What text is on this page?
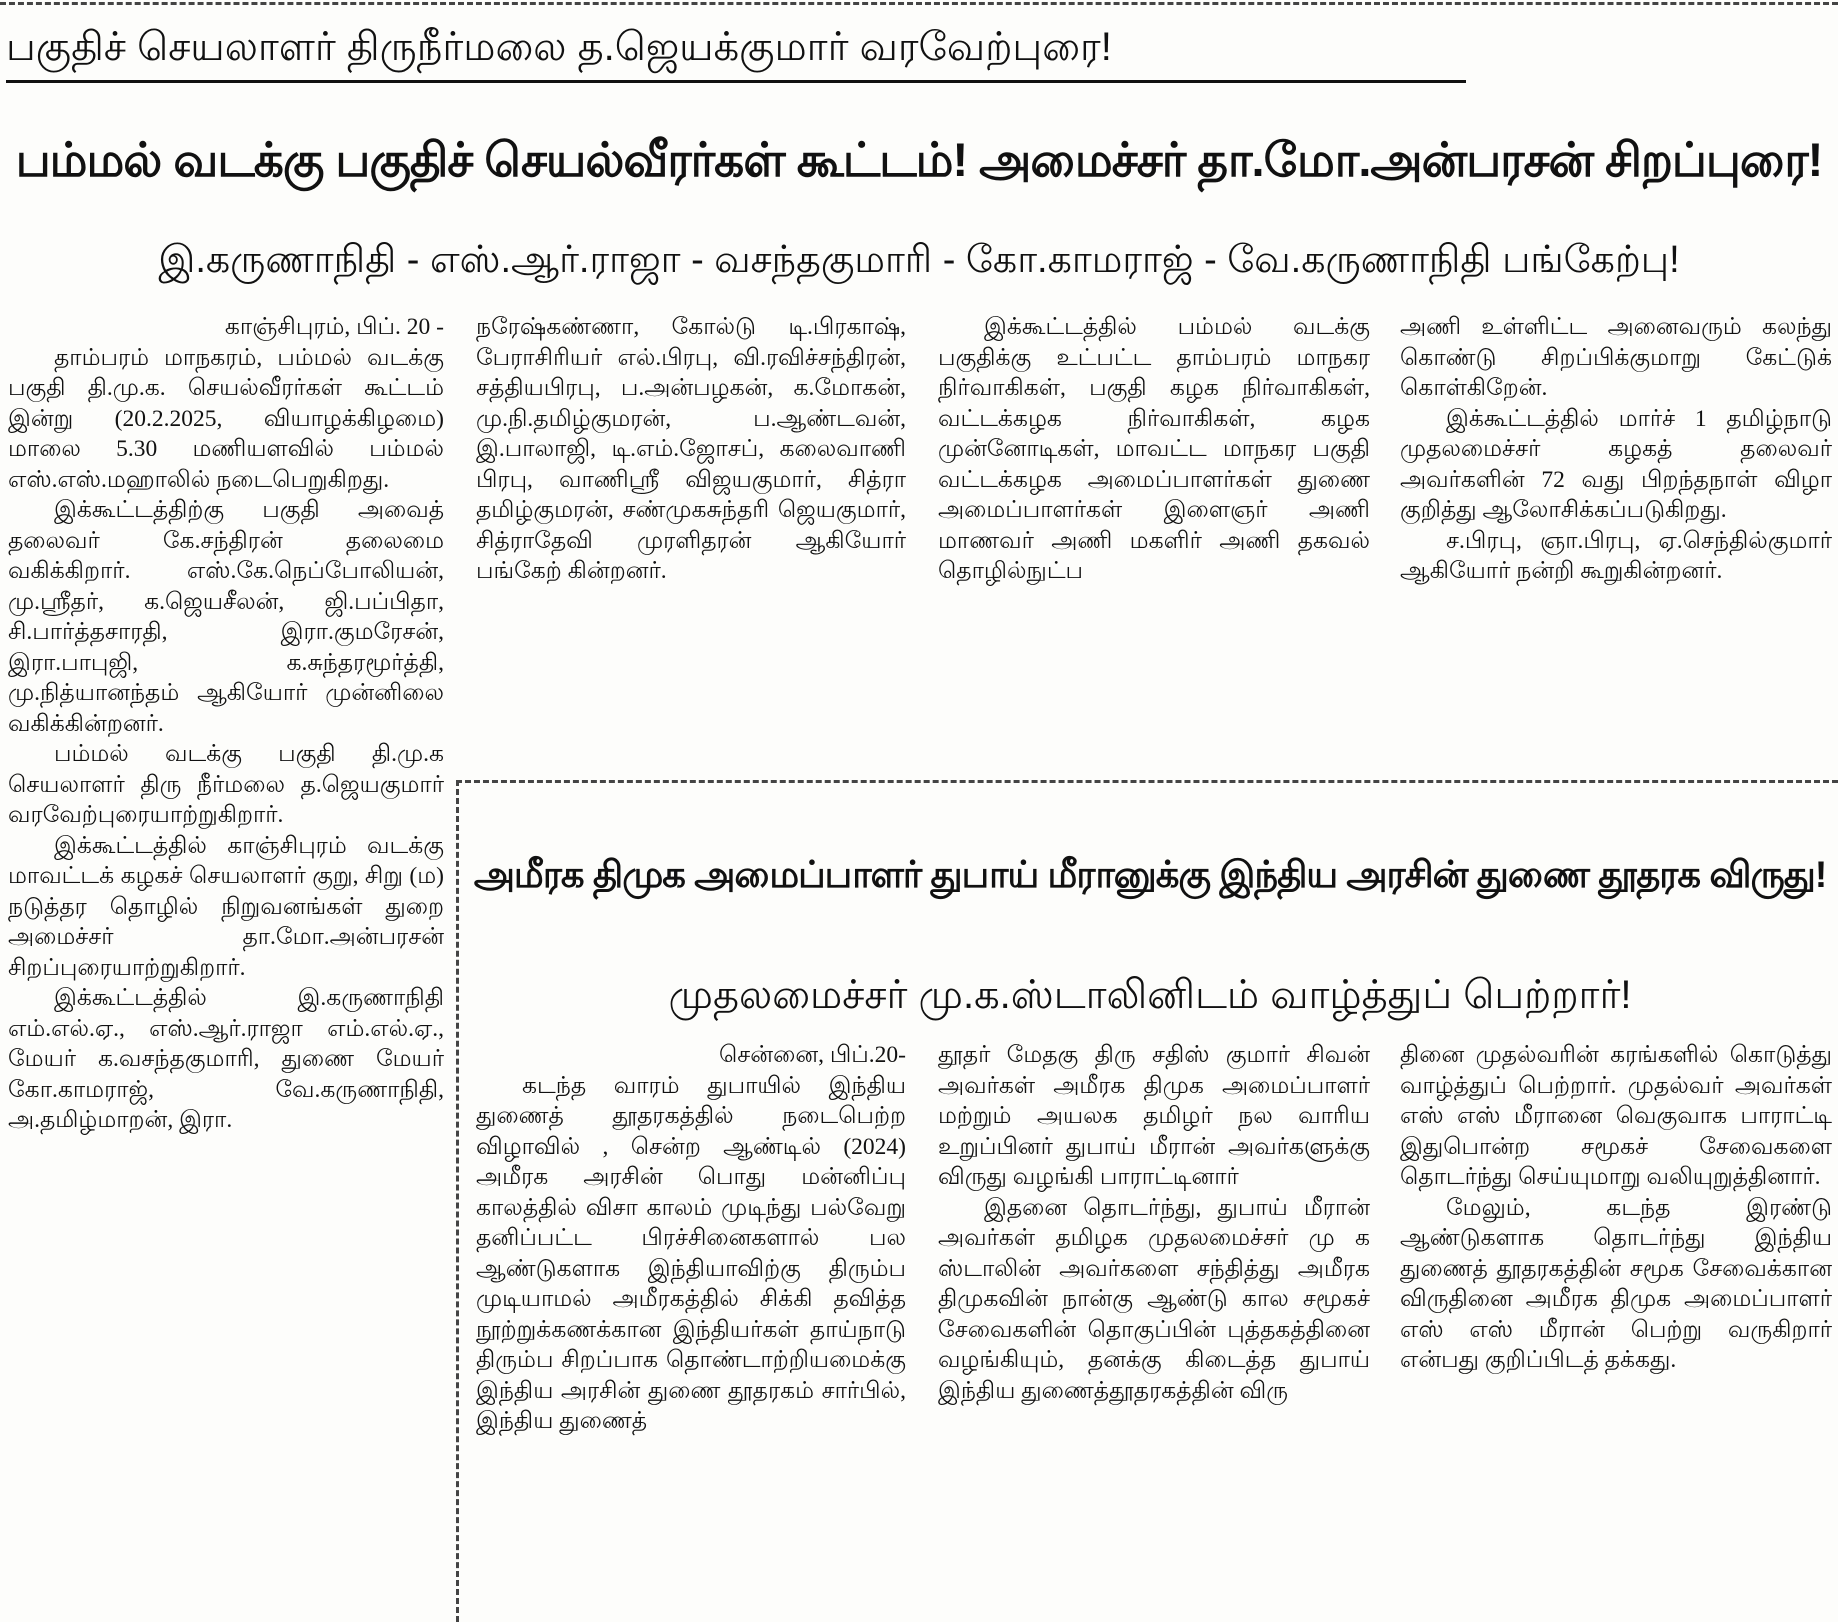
பகுதிச் செயலாளர் திருநீர்மலை த.ஜெயக்குமார் வரவேற்புரை!
பம்மல் வடக்கு பகுதிச் செயல்வீரர்கள் கூட்டம்! அமைச்சர் தா.மோ.அன்பரசன் சிறப்புரை!
இ.கருணாநிதி - எஸ்.ஆர்.ராஜா - வசந்தகுமாரி - கோ.காமராஜ் - வே.கருணாநிதி பங்கேற்பு!

காஞ்சிபுரம், பிப். 20 -

தாம்பரம் மாநகரம், பம்மல் வடக்கு பகுதி தி.மு.க. செயல்வீரர்கள் கூட்டம் இன்று (20.2.2025, வியாழக்கிழமை) மாலை 5.30 மணியளவில் பம்மல் எஸ்.எஸ்.மஹாலில் நடைபெறுகிறது.

இக்கூட்டத்திற்கு பகுதி அவைத் தலைவர் கே.சந்திரன் தலைமை வகிக்கிறார். எஸ்.கே.நெப்போலியன், மு.ஸ்ரீதர், க.ஜெயசீலன், ஜி.பப்பிதா, சி.பார்த்தசாரதி, இரா.குமரேசன், இரா.பாபுஜி, க.சுந்தரமூர்த்தி, மு.நித்யானந்தம் ஆகியோர் முன்னிலை வகிக்கின்றனர்.

பம்மல் வடக்கு பகுதி தி.மு.க செயலாளர் திரு நீர்மலை த.ஜெயகுமார் வரவேற்புரையாற்றுகிறார்.

இக்கூட்டத்தில் காஞ்சிபுரம் வடக்கு மாவட்டக் கழகச் செயலாளர் குறு, சிறு (ம) நடுத்தர தொழில் நிறுவனங்கள் துறை அமைச்சர் தா.மோ.அன்பரசன் சிறப்புரையாற்றுகிறார்.

இக்கூட்டத்தில் இ.கருணாநிதி எம்.எல்.ஏ., எஸ்.ஆர்.ராஜா எம்.எல்.ஏ., மேயர் க.வசந்தகுமாரி, துணை மேயர் கோ.காமராஜ், வே.கருணாநிதி, அ.தமிழ்மாறன், இரா.

நரேஷ்கண்ணா, கோல்டு டி.பிரகாஷ், பேராசிரியர் எல்.பிரபு, வி.ரவிச்சந்திரன், சத்தியபிரபு, ப.அன்பழகன், க.மோகன், மு.நி.தமிழ்குமரன், ப.ஆண்டவன், இ.பாலாஜி, டி.எம்.ஜோசப், கலைவாணி பிரபு, வாணிஸ்ரீ விஜயகுமார், சித்ரா தமிழ்குமரன், சண்முகசுந்தரி ஜெயகுமார், சித்ராதேவி முரளிதரன் ஆகியோர் பங்கேற் கின்றனர்.

இக்கூட்டத்தில் பம்மல் வடக்கு பகுதிக்கு உட்பட்ட தாம்பரம் மாநகர நிர்வாகிகள், பகுதி கழக நிர்வாகிகள், வட்டக்கழக நிர்வாகிகள், கழக முன்னோடிகள், மாவட்ட மாநகர பகுதி வட்டக்கழக அமைப்பாளர்கள் துணை அமைப்பாளர்கள் இளைஞர் அணி மாணவர் அணி மகளிர் அணி தகவல் தொழில்நுட்ப

அணி உள்ளிட்ட அனைவரும் கலந்து கொண்டு சிறப்பிக்குமாறு கேட்டுக் கொள்கிறேன்.

இக்கூட்டத்தில் மார்ச் 1 தமிழ்நாடு முதலமைச்சர் கழகத் தலைவர் அவர்களின் 72 வது பிறந்தநாள் விழா குறித்து ஆலோசிக்கப்படுகிறது.

ச.பிரபு, ஞா.பிரபு, ஏ.செந்தில்குமார் ஆகியோர் நன்றி கூறுகின்றனர்.

அமீரக திமுக அமைப்பாளர் துபாய் மீரானுக்கு இந்திய அரசின் துணை தூதரக விருது!
முதலமைச்சர் மு.க.ஸ்டாலினிடம் வாழ்த்துப் பெற்றார்!

சென்னை, பிப்.20-

கடந்த வாரம் துபாயில் இந்திய துணைத் தூதரகத்தில் நடைபெற்ற விழாவில் , சென்ற ஆண்டில் (2024) அமீரக அரசின் பொது மன்னிப்பு காலத்தில் விசா காலம் முடிந்து பல்வேறு தனிப்பட்ட பிரச்சினைகளால் பல ஆண்டுகளாக இந்தியாவிற்கு திரும்ப முடியாமல் அமீரகத்தில் சிக்கி தவித்த நூற்றுக்கணக்கான இந்தியர்கள் தாய்நாடு திரும்ப சிறப்பாக தொண்டாற்றியமைக்கு இந்திய அரசின் துணை தூதரகம் சார்பில், இந்திய துணைத்

தூதர் மேதகு திரு சதிஸ் குமார் சிவன் அவர்கள் அமீரக திமுக அமைப்பாளர் மற்றும் அயலக தமிழர் நல வாரிய உறுப்பினர் துபாய் மீரான் அவர்களுக்கு விருது வழங்கி பாராட்டினார்

இதனை தொடர்ந்து, துபாய் மீரான் அவர்கள் தமிழக முதலமைச்சர் மு க ஸ்டாலின் அவர்களை சந்தித்து அமீரக திமுகவின் நான்கு ஆண்டு கால சமூகச் சேவைகளின் தொகுப்பின் புத்தகத்தினை வழங்கியும், தனக்கு கிடைத்த துபாய் இந்திய துணைத்தூதரகத்தின் விரு

தினை முதல்வரின் கரங்களில் கொடுத்து வாழ்த்துப் பெற்றார். முதல்வர் அவர்கள் எஸ் எஸ் மீரானை வெகுவாக பாராட்டி இதுபொன்ற சமூகச் சேவைகளை தொடர்ந்து செய்யுமாறு வலியுறுத்தினார்.

மேலும், கடந்த இரண்டு ஆண்டுகளாக தொடர்ந்து இந்திய துணைத் தூதரகத்தின் சமூக சேவைக்கான விருதினை அமீரக திமுக அமைப்பாளர் எஸ் எஸ் மீரான் பெற்று வருகிறார் என்பது குறிப்பிடத் தக்கது.
